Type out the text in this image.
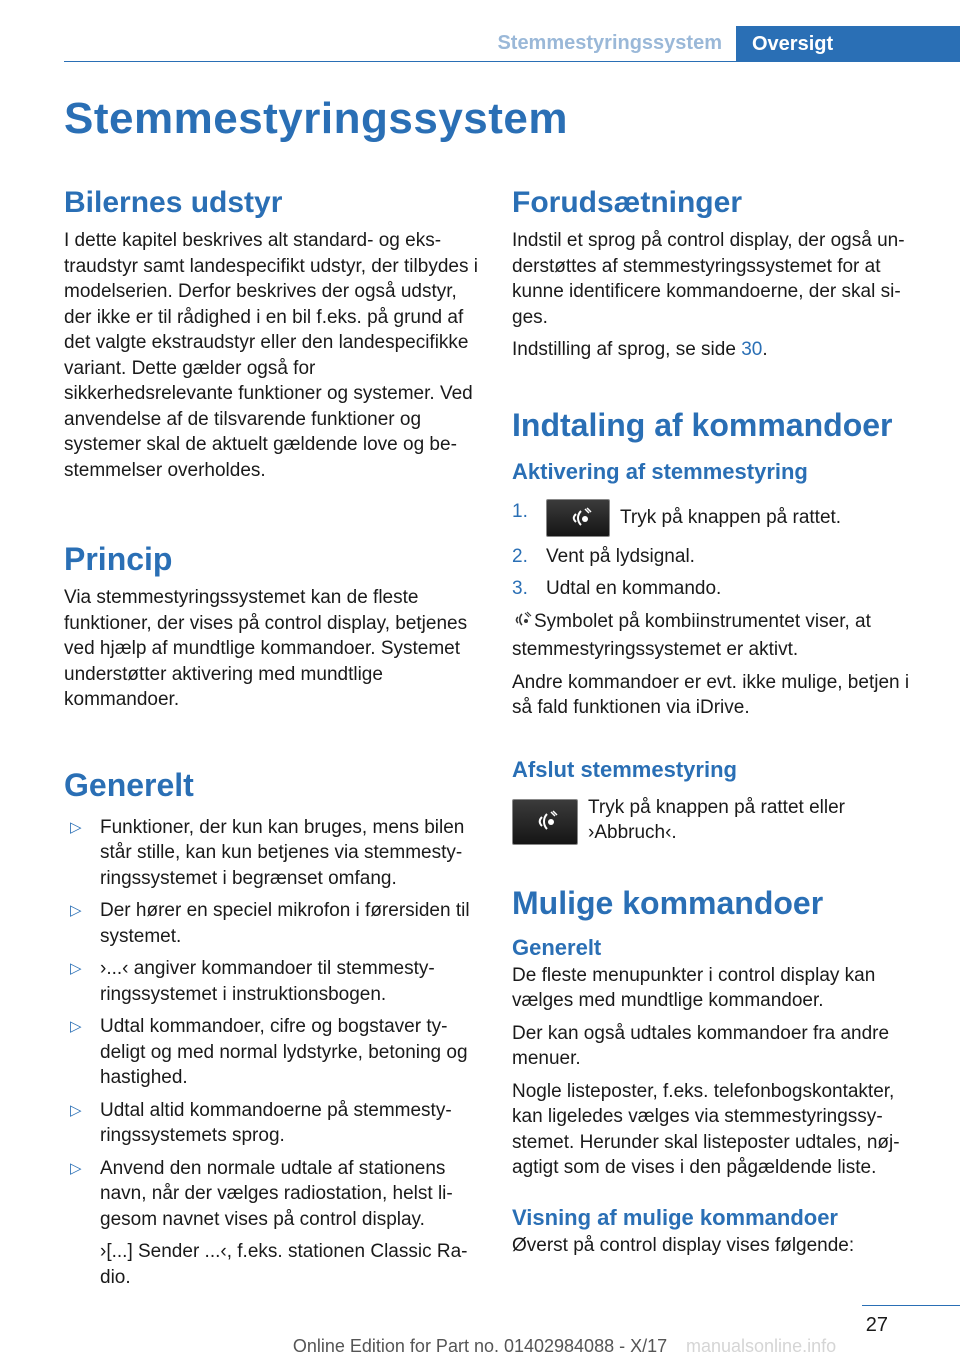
Stemmestyringssystem	Oversigt
Stemmestyringssystem
Bilernes udstyr

I dette kapitel beskrives alt standard- og ekstraudstyr samt landespecifikt udstyr, der tilbydes i modelserien. Derfor beskrives der også udstyr, der ikke er til rådighed i en bil f.eks. på grund af det valgte ekstraudstyr eller den landespecifikke variant. Dette gælder også for sikkerhedsrelevante funktioner og systemer. Ved anvendelse af de tilsvarende funktioner og systemer skal de aktuelt gældende love og bestemmelser overholdes.

Princip

Via stemmestyringssystemet kan de fleste funktioner, der vises på control display, betjenes ved hjælp af mundtlige kommandoer. Systemet understøtter aktivering med mundtlige kommandoer.

Generelt
▷ Funktioner, der kun kan bruges, mens bilen står stille, kan kun betjenes via stemmestyringssystemet i begrænset omfang.
▷ Der hører en speciel mikrofon i førersiden til systemet.
▷ ›...‹ angiver kommandoer til stemmestyringssystemet i instruktionsbogen.
▷ Udtal kommandoer, cifre og bogstaver tydeligt og med normal lydstyrke, betoning og hastighed.
▷ Udtal altid kommandoerne på stemmestyringssystemets sprog.
▷ Anvend den normale udtale af stationens navn, når der vælges radiostation, helst ligesom navnet vises på control display.
›[...] Sender ...‹, f.eks. stationen Classic Radio.
Forudsætninger

Indstil et sprog på control display, der også understøttes af stemmestyringssystemet for at kunne identificere kommandoerne, der skal siges.

Indstilling af sprog, se side 30.

Indtaling af kommandoer
Aktivering af stemmestyring
1.	Tryk på knappen på rattet.
2. Vent på lydsignal.
3. Udtal en kommando.

Symbolet på kombiinstrumentet viser, at stemmestyringssystemet er aktivt.

Andre kommandoer er evt. ikke mulige, betjen i så fald funktionen via iDrive.

Afslut stemmestyring

Tryk på knappen på rattet eller
›Abbruch‹.

Mulige kommandoer
Generelt

De fleste menupunkter i control display kan vælges med mundtlige kommandoer.

Der kan også udtales kommandoer fra andre menuer.

Nogle listeposter, f.eks. telefonbogskontakter, kan ligeledes vælges via stemmestyringssystemet. Herunder skal listeposter udtales, nøjagtigt som de vises i den pågældende liste.

Visning af mulige kommandoer

Øverst på control display vises følgende:

27
Online Edition for Part no. 01402984088 - X/17	manualsonline.info
